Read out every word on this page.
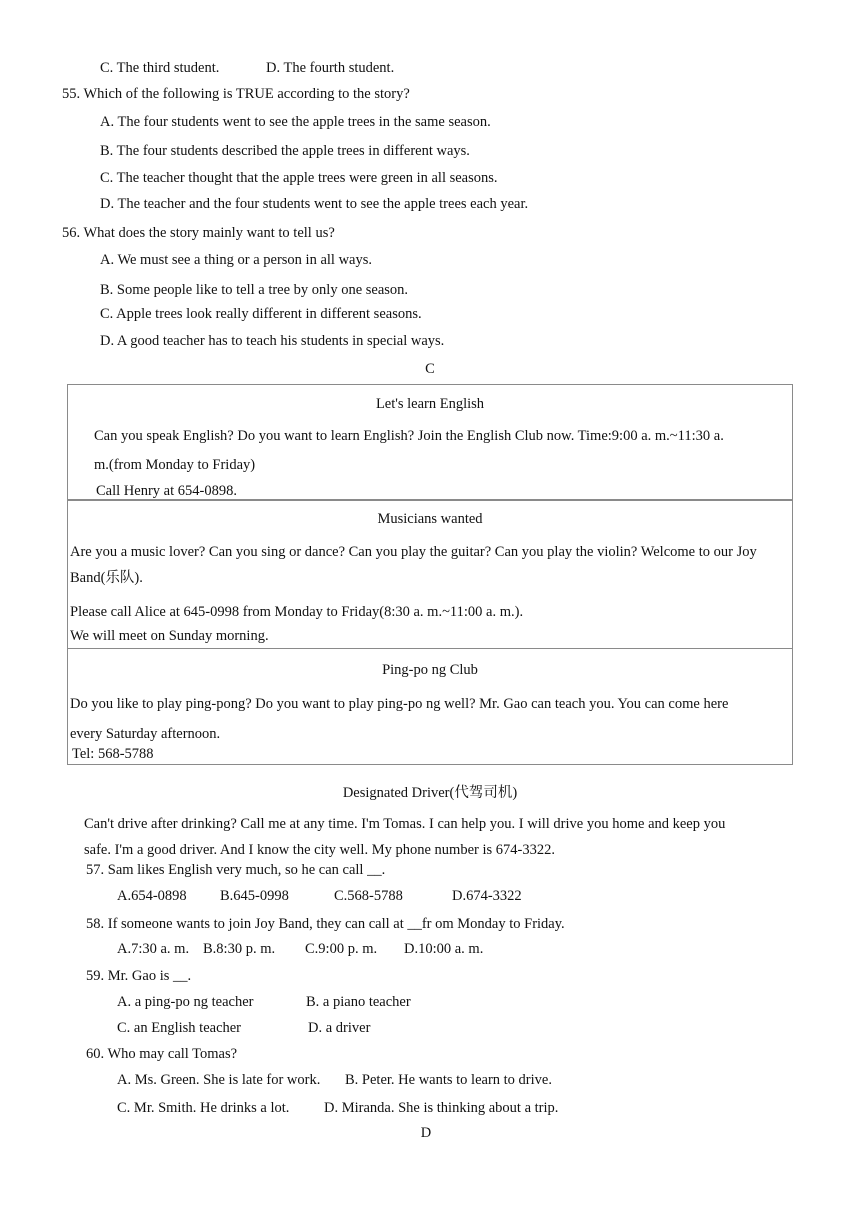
C. The third student.	D. The fourth student.
55. Which of the following is TRUE according to the story?
A. The four students went to see the apple trees in the same season.
B. The four students described the apple trees in different ways.
C. The teacher thought that the apple trees were green in all seasons.
D. The teacher and the four students went to see the apple trees each year.
56. What does the story mainly want to tell us?
A. We must see a thing or a person in all ways.
B. Some people like to tell a tree by only one season.
C. Apple trees look really different in different seasons.
D. A good teacher has to teach his students in special ways.
C
Let's learn English
Can you speak English? Do you want to learn English? Join the English Club now. Time:9:00 a. m.~11:30 a.
m.(from Monday to Friday)
Call Henry at 654-0898.
Musicians wanted
Are you a music lover? Can you sing or dance? Can you play the guitar? Can you play the violin? Welcome to our Joy
Band(乐队).
Please call Alice at 645-0998 from Monday to Friday(8:30 a. m.~11:00 a. m.).
We will meet on Sunday morning.
Ping-po ng Club
Do you like to play ping-pong? Do you want to play ping-po ng well? Mr. Gao can teach you. You can come here
every Saturday afternoon.
Tel: 568-5788
Designated Driver(代驾司机)
Can't drive after drinking? Call me at any time. I'm Tomas. I can help you. I will drive you home and keep you
safe. I'm a good driver. And I know the city well. My phone number is 674-3322.
57. Sam likes English very much, so he can call __.
A.654-0898 B.645-0998	C.568-5788	D.674-3322
58. If someone wants to join Joy Band, they can call at __fr om Monday to Friday.
A.7:30 a. m. B.8:30 p. m. C.9:00 p. m. D.10:00 a. m.
59. Mr. Gao is __.
A. a ping-po ng teacher	B. a piano teacher
C. an English teacher	D. a driver
60. Who may call Tomas?
A. Ms. Green. She is late for work. B. Peter. He wants to learn to drive.
C. Mr. Smith. He drinks a lot. D. Miranda. She is thinking about a trip.
D
